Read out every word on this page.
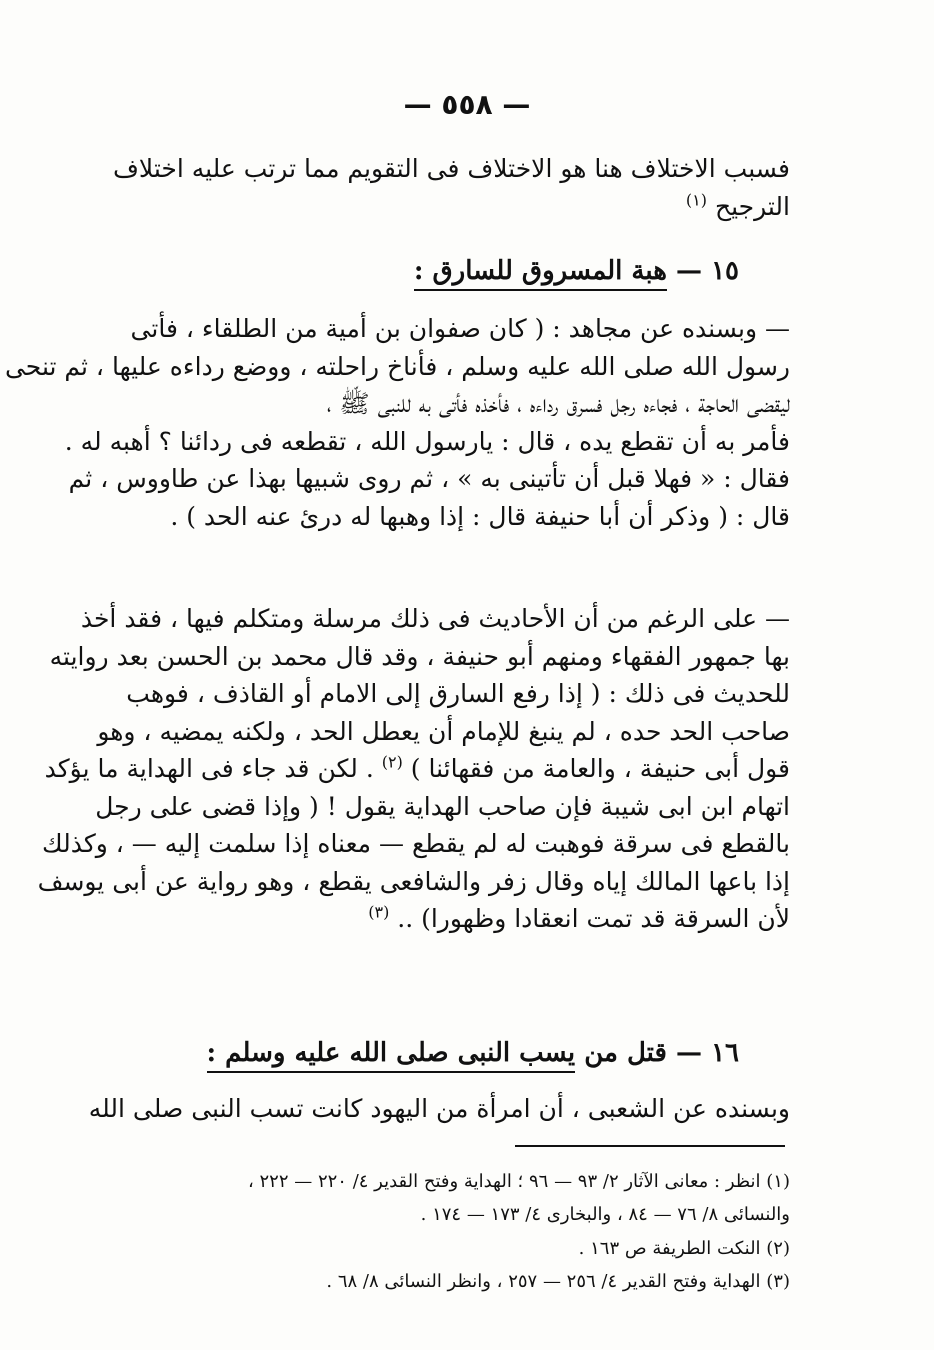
— ٥٥٨ —
فسبب الاختلاف هنا هو الاختلاف فى التقويم مما ترتب عليه اختلاف
الترجيح $^{(١)}$
١٥ — هبة المسروق للسارق :
— وبسنده عن مجاهد : ( كان صفوان بن أمية من الطلقاء ، فأتى
رسول الله صلى الله عليه وسلم ، فأناخ راحلته ، ووضع رداءه عليها ، ثم تنحى
ليقضى الحاجة ، فجاءه رجل فسرق رداءه ، فأخذه فأتى به للنبى ﷺ ،
فأمر به أن تقطع يده ، قال : يارسول الله ، تقطعه فى ردائنا ؟ أهبه له .
فقال : « فهلا قبل أن تأتينى به » ، ثم روى شبيها بهذا عن طاووس ، ثم
قال : ( وذكر أن أبا حنيفة قال : إذا وهبها له درئ عنه الحد ) .
— على الرغم من أن الأحاديث فى ذلك مرسلة ومتكلم فيها ، فقد أخذ
بها جمهور الفقهاء ومنهم أبو حنيفة ، وقد قال محمد بن الحسن بعد روايته
للحديث فى ذلك : ( إذا رفع السارق إلى الامام أو القاذف ، فوهب
صاحب الحد حده ، لم ينبغ للإمام أن يعطل الحد ، ولكنه يمضيه ، وهو
قول أبى حنيفة ، والعامة من فقهائنا ) $^{(٢)}$ . لكن قد جاء فى الهداية ما يؤكد
اتهام ابن ابى شيبة فإن صاحب الهداية يقول ! ( وإذا قضى على رجل
بالقطع فى سرقة فوهبت له لم يقطع — معناه إذا سلمت إليه — ، وكذلك
إذا باعها المالك إياه وقال زفر والشافعى يقطع ، وهو رواية عن أبى يوسف
لأن السرقة قد تمت انعقادا وظهورا) .. $^{(٣)}$
١٦ — قتل من يسب النبى صلى الله عليه وسلم :
وبسنده عن الشعبى ، أن امرأة من اليهود كانت تسب النبى صلى الله
(١) انظر : معانى الآثار ٢/ ٩٣ — ٩٦ ؛ الهداية وفتح القدير ٤/ ٢٢٠ — ٢٢٢ ،
والنسائى ٨/ ٧٦ — ٨٤ ، والبخارى ٤/ ١٧٣ — ١٧٤ .
(٢) النكت الطريفة ص ١٦٣ .
(٣) الهداية وفتح القدير ٤/ ٢٥٦ — ٢٥٧ ، وانظر النسائى ٨/ ٦٨ .
